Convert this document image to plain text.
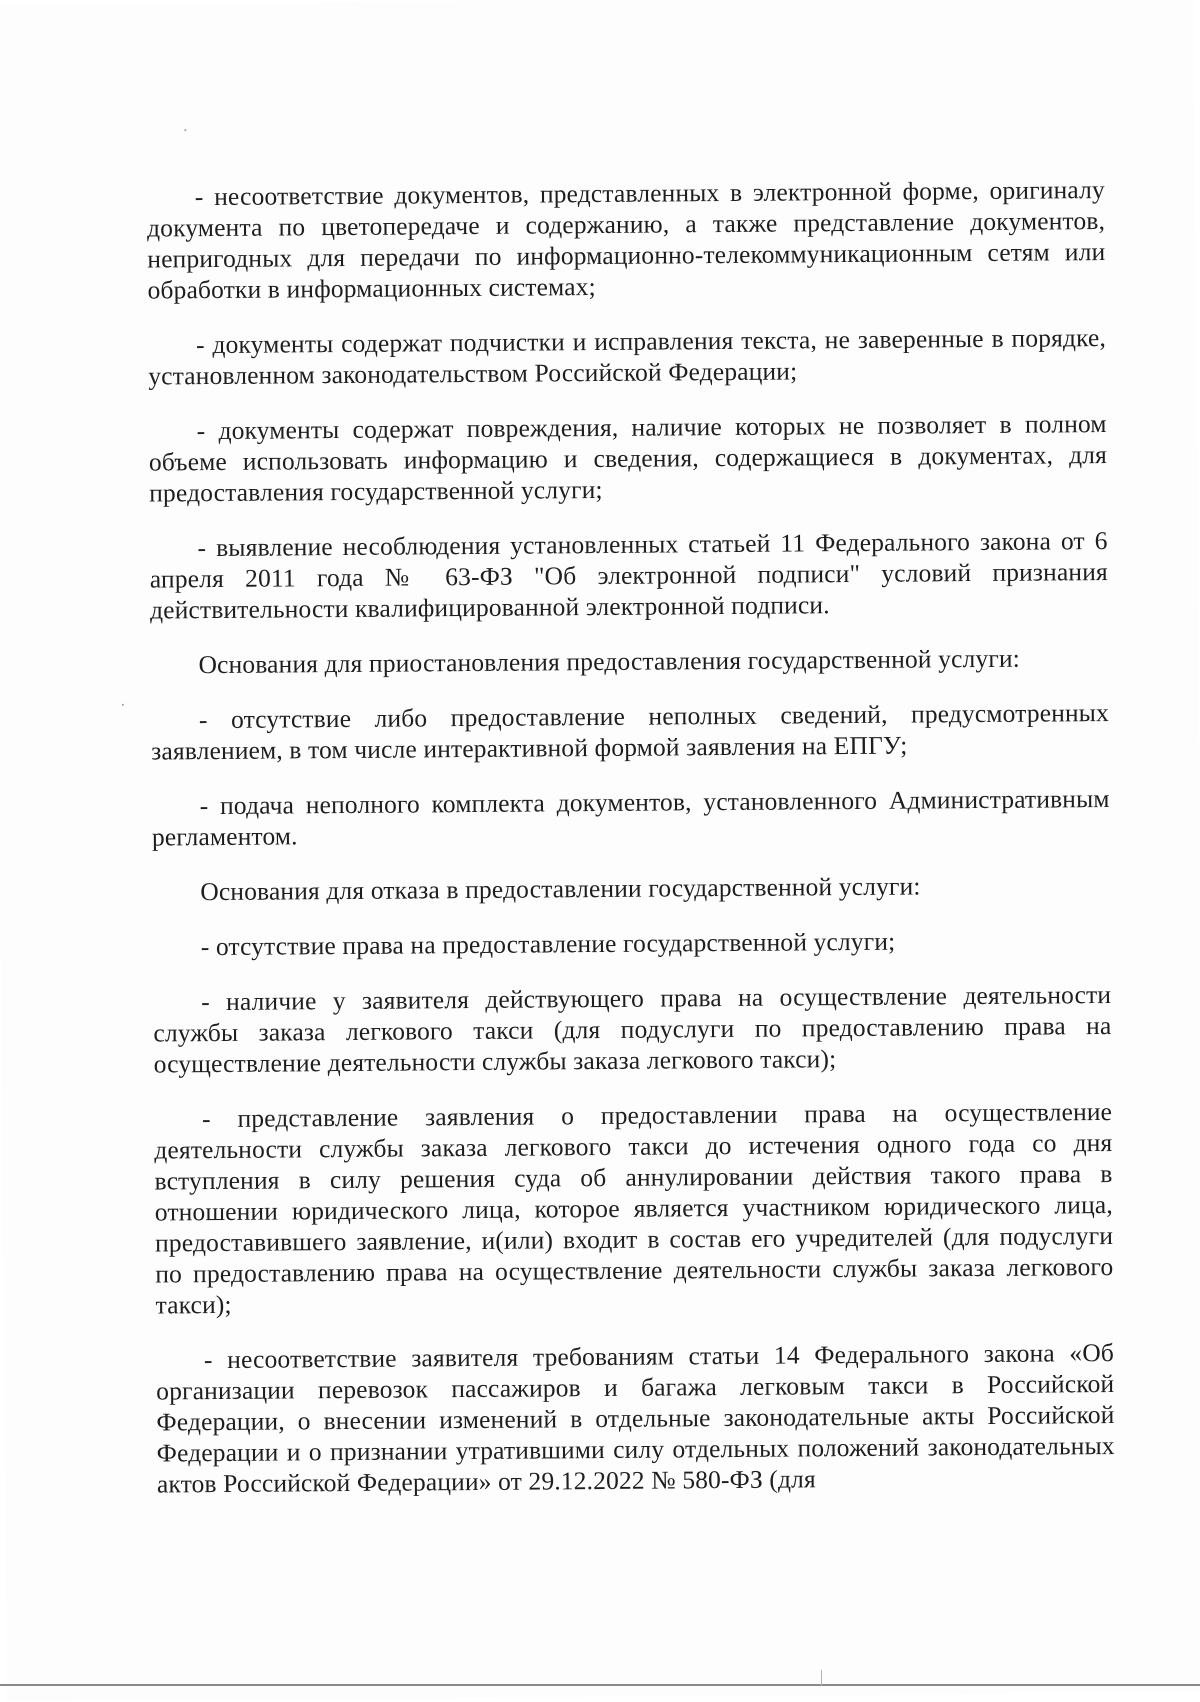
- несоответствие документов, представленных в электронной форме, оригиналу документа по цветопередаче и содержанию, а также представление документов, непригодных для передачи по информационно-телекоммуникационным сетям или обработки в информационных системах;

- документы содержат подчистки и исправления текста, не заверенные в порядке, установленном законодательством Российской Федерации;

- документы содержат повреждения, наличие которых не позволяет в полном объеме использовать информацию и сведения, содержащиеся в документах, для предоставления государственной услуги;

- выявление несоблюдения установленных статьей 11 Федерального закона от 6 апреля 2011 года № 63-ФЗ "Об электронной подписи" условий признания действительности квалифицированной электронной подписи.

Основания для приостановления предоставления государственной услуги:

- отсутствие либо предоставление неполных сведений, предусмотренных заявлением, в том числе интерактивной формой заявления на ЕПГУ;

- подача неполного комплекта документов, установленного Административным регламентом.

Основания для отказа в предоставлении государственной услуги:

- отсутствие права на предоставление государственной услуги;

- наличие у заявителя действующего права на осуществление деятельности службы заказа легкового такси (для подуслуги по предоставлению права на осуществление деятельности службы заказа легкового такси);

- представление заявления о предоставлении права на осуществление деятельности службы заказа легкового такси до истечения одного года со дня вступления в силу решения суда об аннулировании действия такого права в отношении юридического лица, которое является участником юридического лица, предоставившего заявление, и(или) входит в состав его учредителей (для подуслуги по предоставлению права на осуществление деятельности службы заказа легкового такси);

- несоответствие заявителя требованиям статьи 14 Федерального закона «Об организации перевозок пассажиров и багажа легковым такси в Российской Федерации, о внесении изменений в отдельные законодательные акты Российской Федерации и о признании утратившими силу отдельных положений законодательных актов Российской Федерации» от 29.12.2022 № 580-ФЗ (для
